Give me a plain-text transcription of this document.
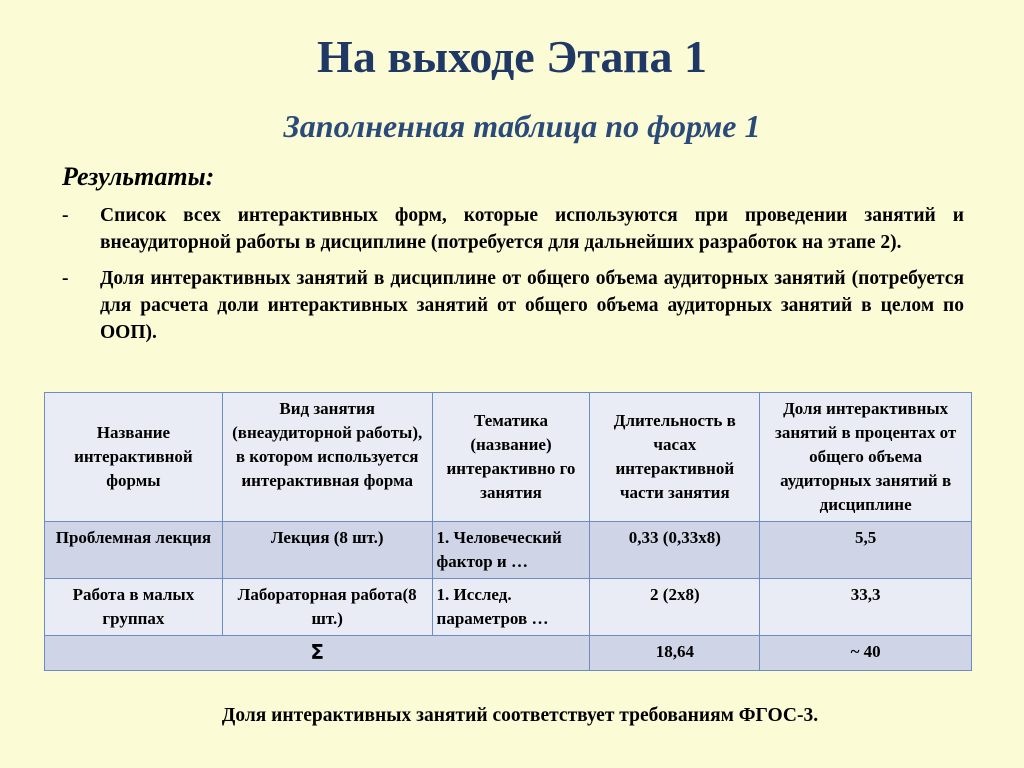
На выходе Этапа 1
Заполненная таблица по форме 1
Результаты:
- Список всех интерактивных форм, которые используются при проведении занятий и внеаудиторной работы в дисциплине (потребуется для дальнейших разработок на этапе 2).
- Доля интерактивных занятий в дисциплине от общего объема аудиторных занятий (потребуется для расчета доли интерактивных занятий от общего объема аудиторных занятий в целом по ООП).
Название интерактивной формы	Вид занятия (внеаудиторной работы), в котором используется интерактивная форма	Тематика (название) интерактивно го занятия	Длительность в часах интерактивной части занятия	Доля интерактивных занятий в процентах от общего объема аудиторных занятий в дисциплине
Проблемная лекция	Лекция (8 шт.)	1. Человеческий фактор и …	0,33 (0,33х8)	5,5
Работа в малых группах	Лабораторная работа(8 шт.)	1. Исслед. параметров …	2 (2х8)	33,3
Σ			18,64	~ 40
Доля интерактивных занятий соответствует требованиям ФГОС-3.
